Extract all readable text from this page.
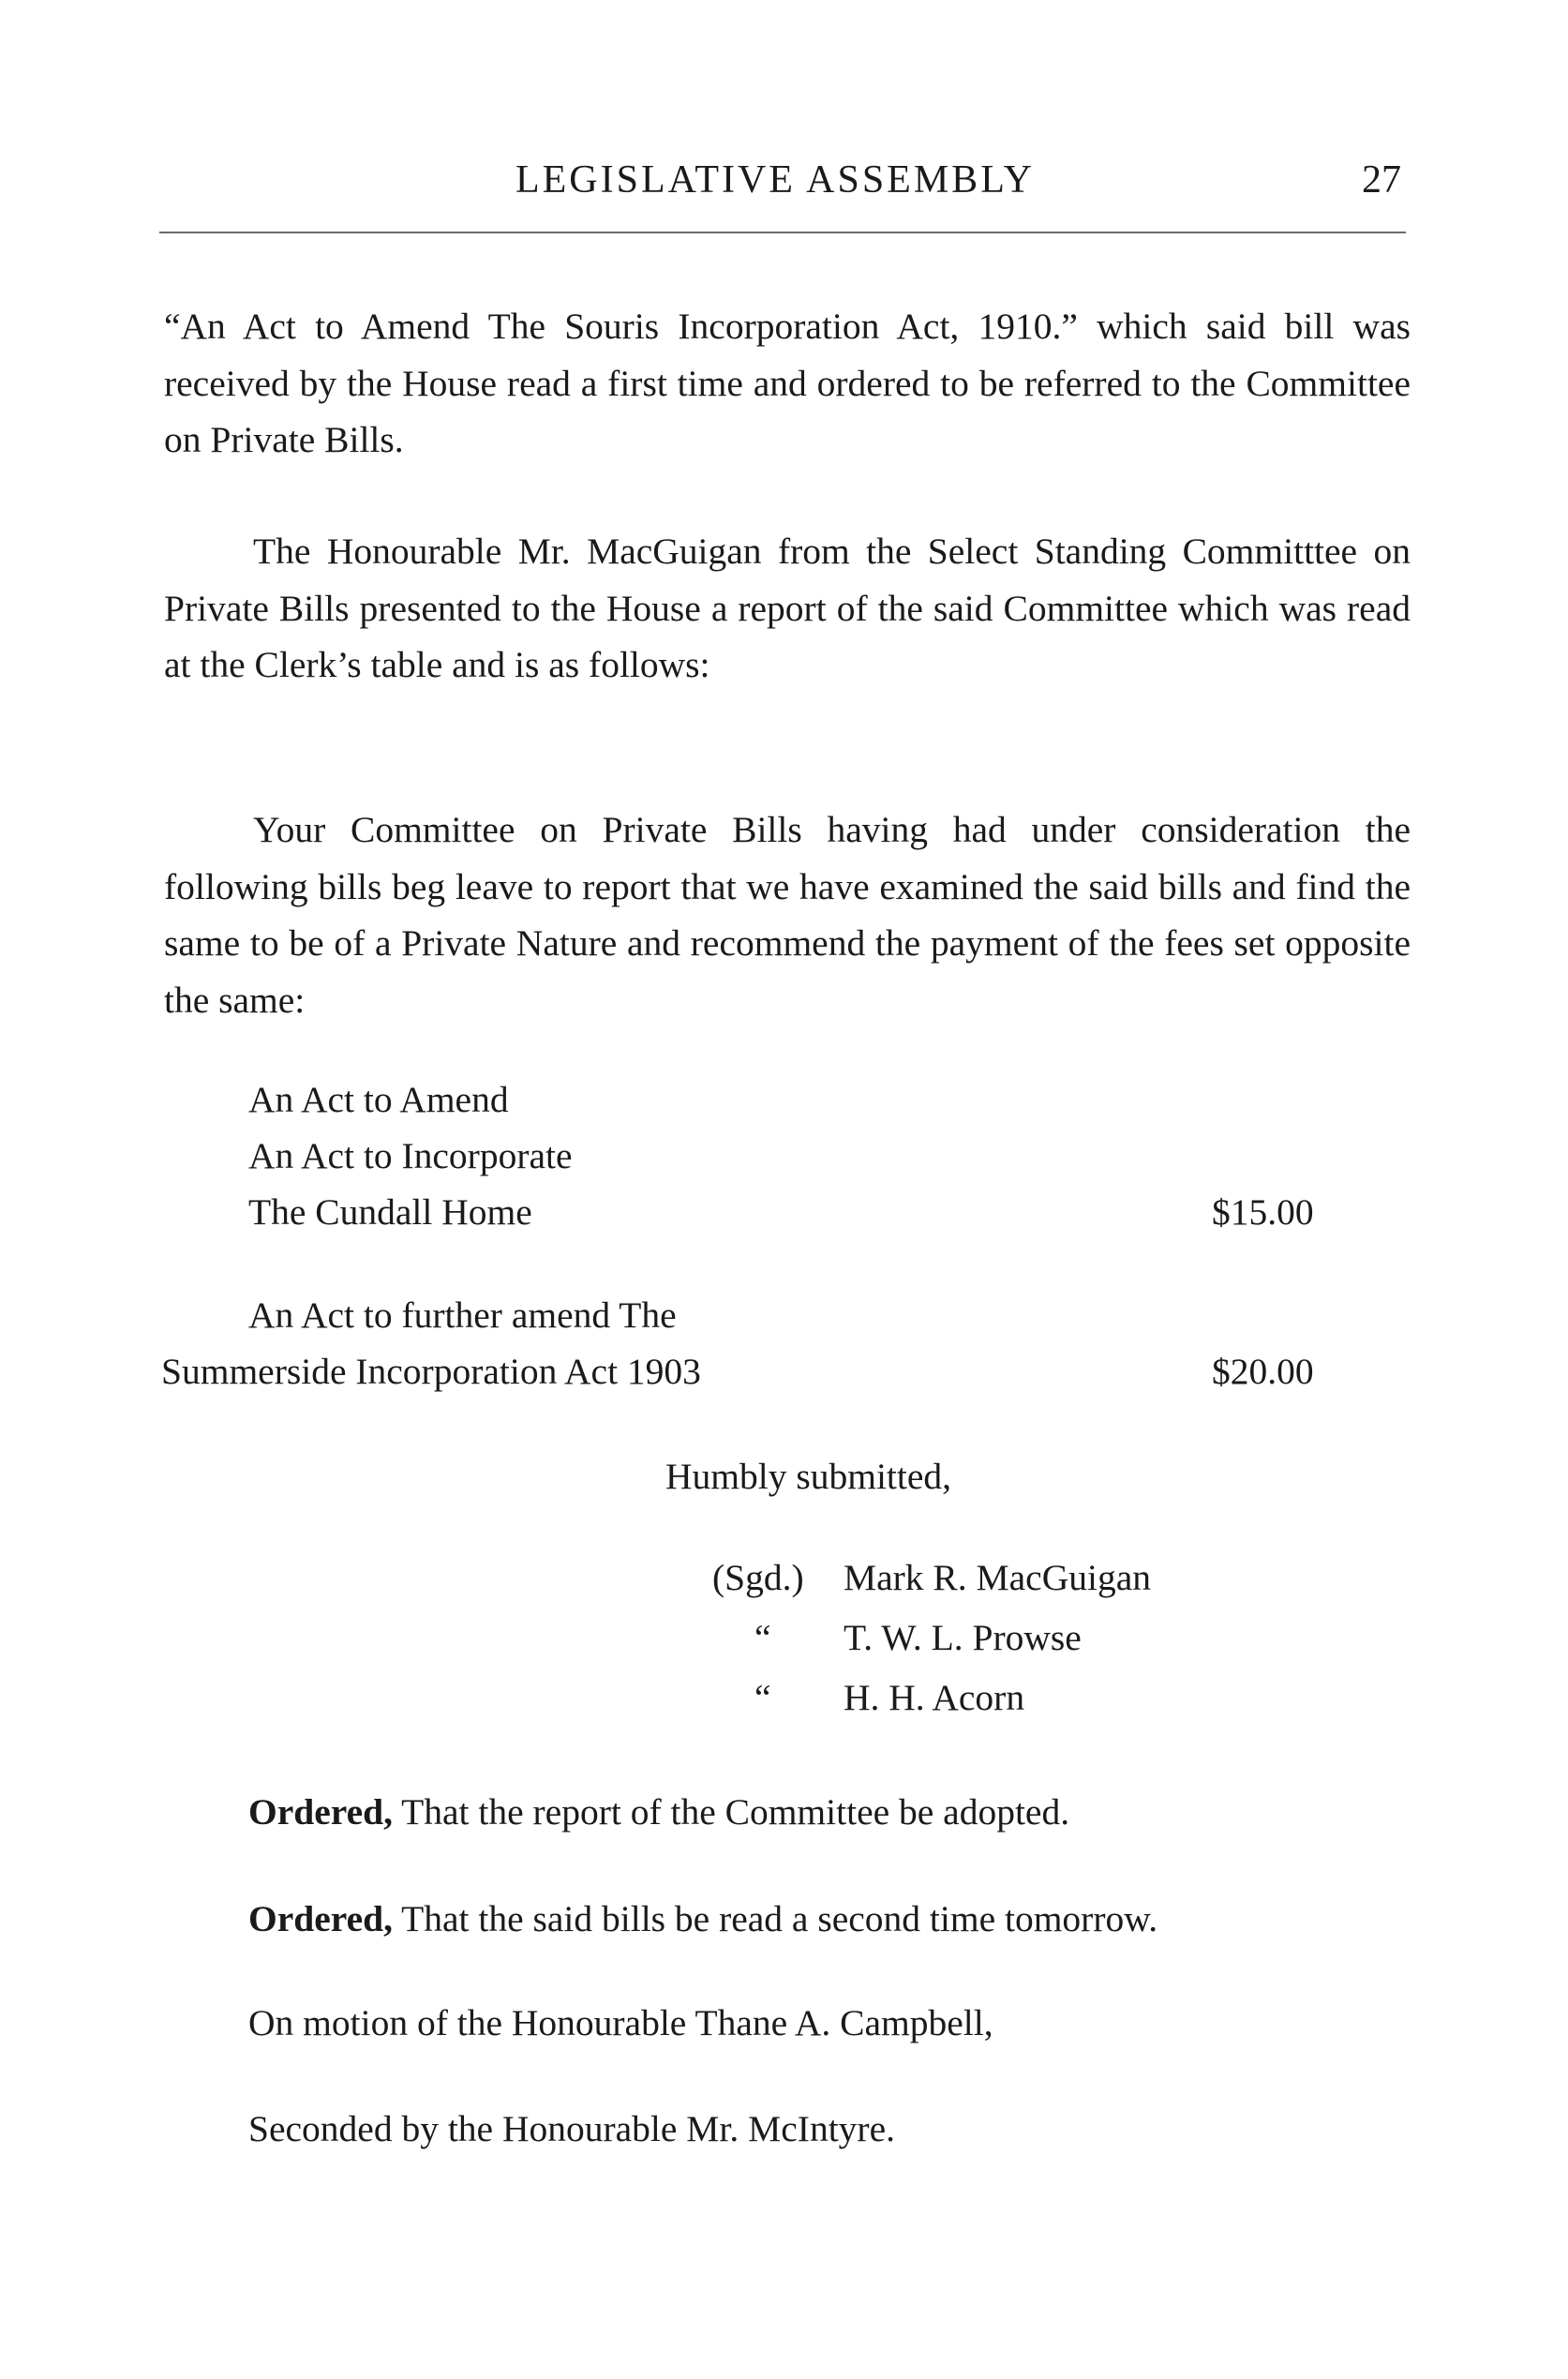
LEGISLATIVE ASSEMBLY	27

“An Act to Amend The Souris Incorporation Act, 1910.” which said bill was received by the House read a first time and ordered to be referred to the Committee on Private Bills.

The Honourable Mr. MacGuigan from the Select Standing Committtee on Private Bills presented to the House a report of the said Committee which was read at the Clerk’s table and is as follows:

Your Committee on Private Bills having had under consideration the following bills beg leave to report that we have examined the said bills and find the same to be of a Private Nature and recommend the payment of the fees set opposite the same:

An Act to Amend
An Act to Incorporate
The Cundall Home	$15.00
An Act to further amend The
Summerside Incorporation Act 1903	$20.00
Humbly submitted,
(Sgd.) Mark R. MacGuigan
“ T. W. L. Prowse
“ H. H. Acorn
Ordered, That the report of the Committee be adopted.
Ordered, That the said bills be read a second time tomorrow.
On motion of the Honourable Thane A. Campbell,
Seconded by the Honourable Mr. McIntyre.
